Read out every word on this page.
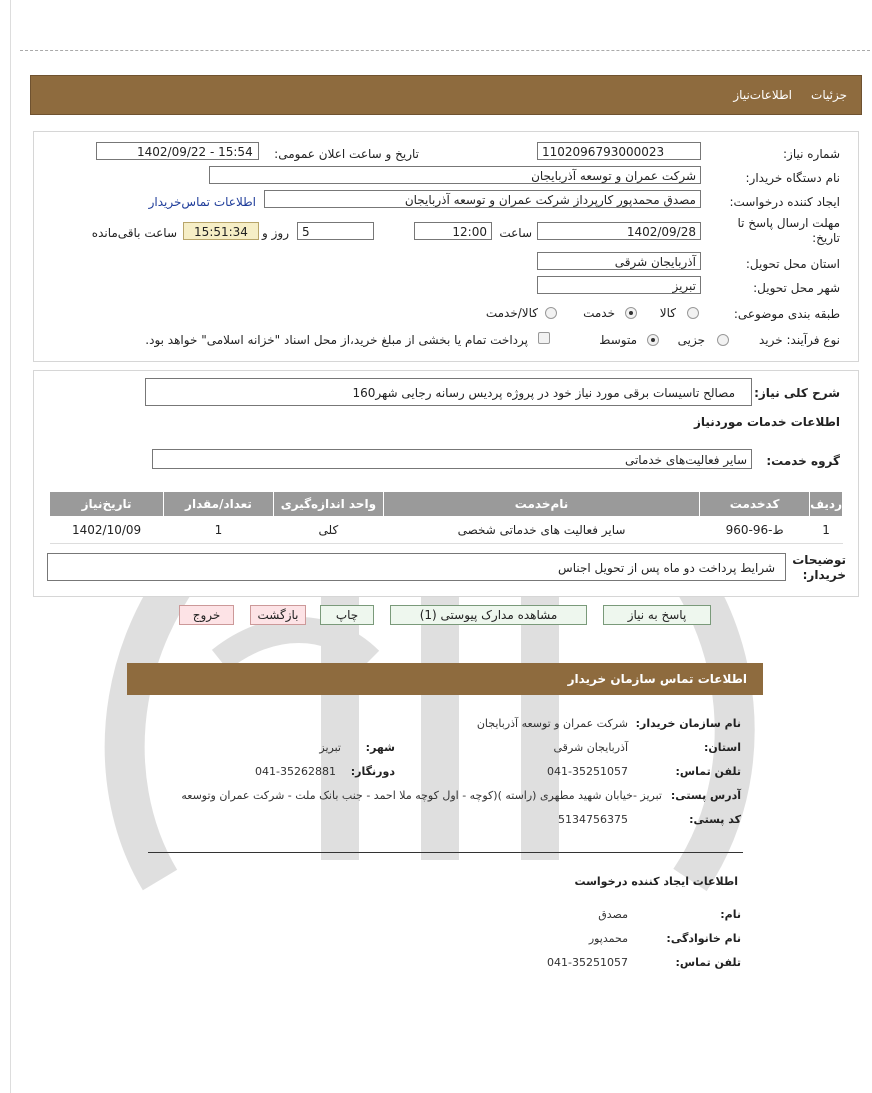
جزئیات     اطلاعات‌نیاز
شماره نیاز:
1102096793000023
تاریخ و ساعت اعلان عمومی:
1402/09/22 - 15:54
نام دستگاه خریدار:
شرکت عمران و توسعه آذربایجان
ایجاد کننده درخواست:
مصدق محمدپور کارپرداز شرکت عمران و توسعه آذربایجان
اطلاعات تماس‌خریدار
مهلت ارسال پاسخ تا تاریخ:
1402/09/28
ساعت
12:00
5
روز و
15:51:34
ساعت باقی‌مانده
استان محل تحویل:
آذربایجان شرقی
شهر محل تحویل:
تبریز
طبقه بندی موضوعی:
کالا
خدمت
کالا/خدمت
نوع فرآیند: خرید
جزیی
متوسط
پرداخت تمام یا بخشی از مبلغ خرید،از محل اسناد "خزانه اسلامی" خواهد بود.
شرح کلی نیاز:
مصالح تاسیسات برقی مورد نیاز خود در پروژه پردیس رسانه رجایی شهر160
اطلاعات خدمات موردنیاز
گروه خدمت:
سایر فعالیت‌های خدماتی
ردیف	کدخدمت	نام‌خدمت	واحد اندازه‌گیری	تعداد/مقدار	تاریخ‌نیاز
1	ط-96-960	سایر فعالیت های خدماتی شخصی	کلی	1	1402/10/09
توضیحات خریدار:
شرایط پرداخت دو ماه پس از تحویل اجناس
پاسخ به نیاز
مشاهده مدارک پیوستی (1)
چاپ
بازگشت
خروج
اطلاعات تماس سازمان خریدار
نام سازمان خریدار:
شرکت عمران و توسعه آذربایجان
استان:
آذربایجان شرقی
شهر:
تبریز
تلفن تماس:
041-35251057
دورنگار:
041-35262881
آدرس پستی:
تبریز -خیابان شهید مطهری (راسته )(کوچه - اول کوچه ملا احمد - جنب بانک ملت - شرکت عمران وتوسعه
کد پستی:
5134756375
اطلاعات ایجاد کننده درخواست
نام:
مصدق
نام خانوادگی:
محمدپور
تلفن تماس:
041-35251057
